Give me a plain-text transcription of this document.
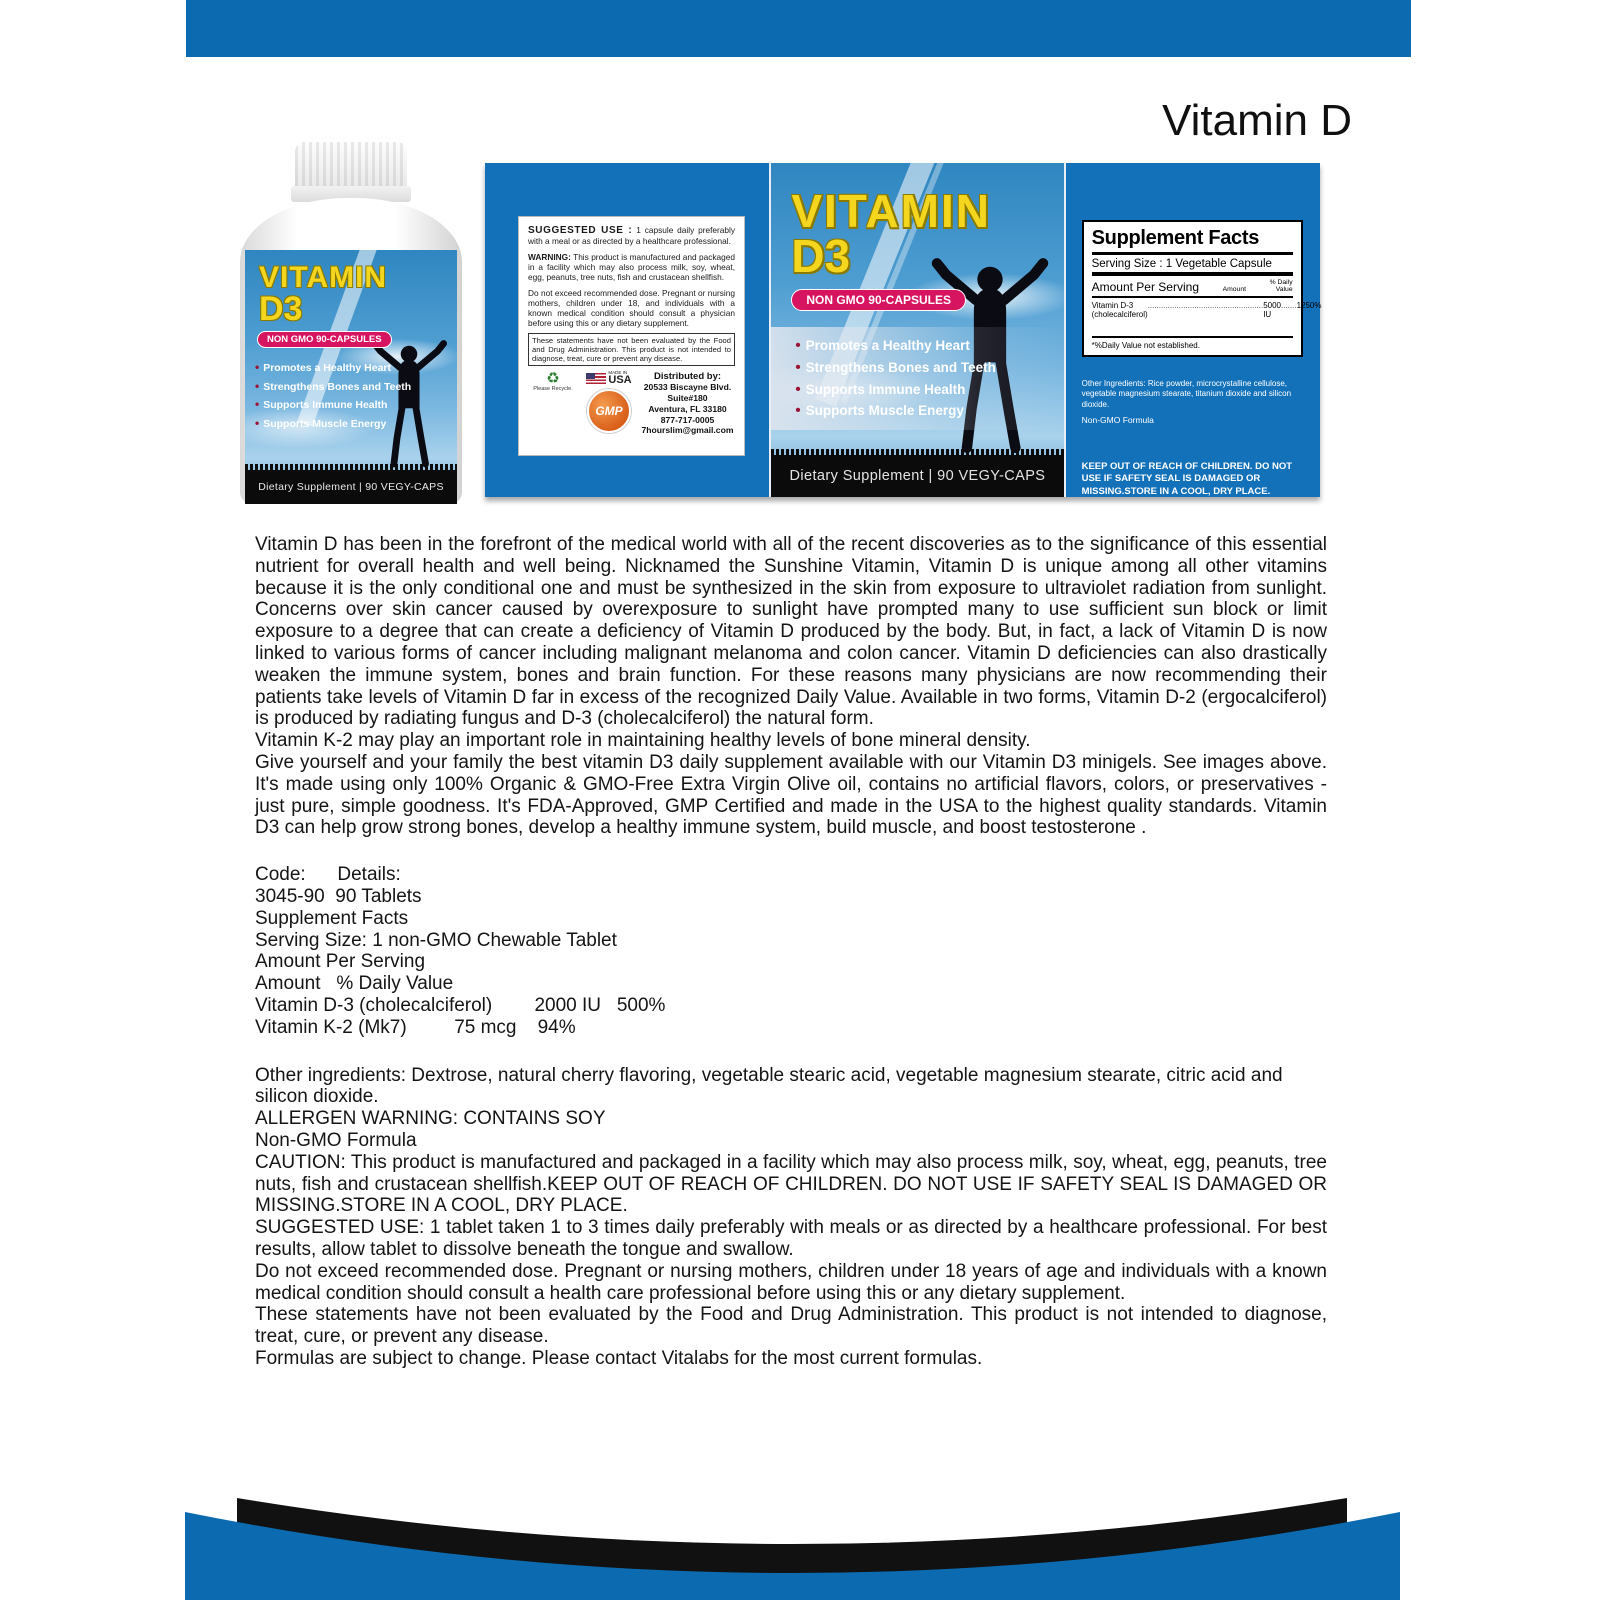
Vitamin D
VITAMIN
D3
NON GMO 90-CAPSULES
• Promotes a Healthy Heart
• Strengthens Bones and Teeth
• Supports Immune Health
• Supports Muscle Energy
Dietary Supplement | 90 VEGY-CAPS

SUGGESTED USE : 1 capsule daily preferably with a meal or as directed by a healthcare professional.

WARNING: This product is manufactured and packaged in a facility which may also process milk, soy, wheat, egg, peanuts, tree nuts, fish and crustacean shellfish.

Do not exceed recommended dose. Pregnant or nursing mothers, children under 18, and individuals with a known medical condition should consult a physician before using this or any dietary supplement.

These statements have not been evaluated by the Food and Drug Administration. This product is not intended to diagnose, treat, cure or prevent any disease.
♻
Please Recycle.
MADE IN
USA
GMP
Distributed by:
20533 Biscayne Blvd.
Suite#180
Aventura, FL 33180
877-717-0005
7hourslim@gmail.com
VITAMIN
D3
NON GMO 90-CAPSULES
• Promotes a Healthy Heart
• Strengthens Bones and Teeth
• Supports Immune Health
• Supports Muscle Energy
Dietary Supplement | 90 VEGY-CAPS
Supplement Facts
Serving Size : 1 Vegetable Capsule
Amount Per Serving	Amount
% Daily
Value
Vitamin D-3 (cholecalciferol)
.................................................... 5000 IU
....... 1250%
*%Daily Value not established.
Other Ingredients: Rice powder, microcrystalline cellulose, vegetable magnesium stearate, titanium dioxide and silicon dioxide.
Non-GMO Formula
KEEP OUT OF REACH OF CHILDREN. DO NOT USE IF SAFETY SEAL IS DAMAGED OR MISSING.STORE IN A COOL, DRY PLACE.

Vitamin D has been in the forefront of the medical world with all of the recent discoveries as to the significance of this essential nutrient for overall health and well being. Nicknamed the Sunshine Vitamin, Vitamin D is unique among all other vitamins because it is the only conditional one and must be synthesized in the skin from exposure to ultraviolet radiation from sunlight. Concerns over skin cancer caused by overexposure to sunlight have prompted many to use sufficient sun block or limit exposure to a degree that can create a deficiency of Vitamin D produced by the body. But, in fact, a lack of Vitamin D is now linked to various forms of cancer including malignant melanoma and colon cancer. Vitamin D deficiencies can also drastically weaken the immune system, bones and brain function. For these reasons many physicians are now recommending their patients take levels of Vitamin D far in excess of the recognized Daily Value. Available in two forms, Vitamin D-2 (ergocalciferol) is produced by radiating fungus and D-3 (cholecalciferol) the natural form.

Vitamin K-2 may play an important role in maintaining healthy levels of bone mineral density.

Give yourself and your family the best vitamin D3 daily supplement available with our Vitamin D3 minigels. See images above. It's made using only 100% Organic & GMO-Free Extra Virgin Olive oil, contains no artificial flavors, colors, or preservatives - just pure, simple goodness. It's FDA-Approved, GMP Certified and made in the USA to the highest quality standards. Vitamin D3 can help grow strong bones, develop a healthy immune system, build muscle, and boost testosterone .

Code:      Details:
3045-90  90 Tablets
Supplement Facts
Serving Size: 1 non-GMO Chewable Tablet
Amount Per Serving
Amount   % Daily Value
Vitamin D-3 (cholecalciferol)        2000 IU   500%
Vitamin K-2 (Mk7)         75 mcg    94%

Other ingredients: Dextrose, natural cherry flavoring, vegetable stearic acid, vegetable magnesium stearate, citric acid and silicon dioxide.

ALLERGEN WARNING: CONTAINS SOY

Non-GMO Formula

CAUTION: This product is manufactured and packaged in a facility which may also process milk, soy, wheat, egg, peanuts, tree nuts, fish and crustacean shellfish.KEEP OUT OF REACH OF CHILDREN. DO NOT USE IF SAFETY SEAL IS DAMAGED OR MISSING.STORE IN A COOL, DRY PLACE.

SUGGESTED USE: 1 tablet taken 1 to 3 times daily preferably with meals or as directed by a healthcare professional. For best results, allow tablet to dissolve beneath the tongue and swallow.

Do not exceed recommended dose. Pregnant or nursing mothers, children under 18 years of age and individuals with a known medical condition should consult a health care professional before using this or any dietary supplement.

These statements have not been evaluated by the Food and Drug Administration. This product is not intended to diagnose, treat, cure, or prevent any disease.

Formulas are subject to change. Please contact Vitalabs for the most current formulas.
